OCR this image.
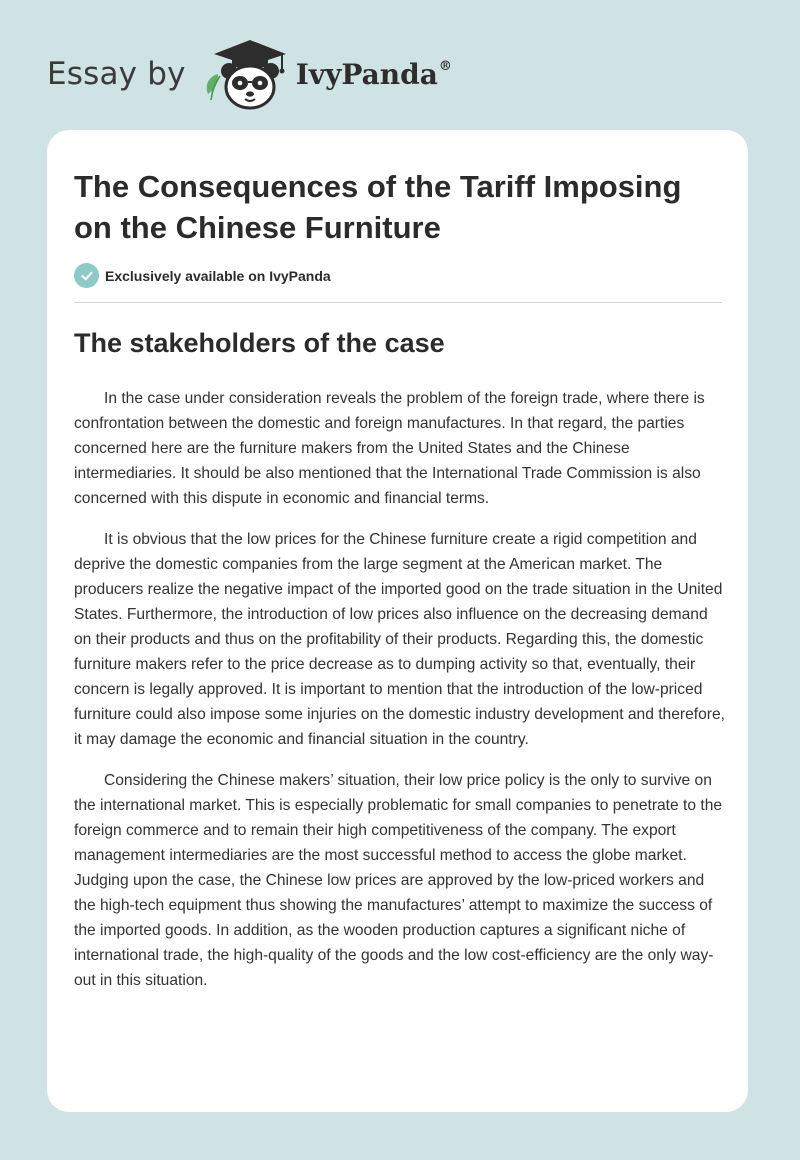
Essay by	IvyPanda®
The Consequences of the Tariff Imposing on the Chinese Furniture
Exclusively available on IvyPanda
The stakeholders of the case

In the case under consideration reveals the problem of the foreign trade, where there is confrontation between the domestic and foreign manufactures. In that regard, the parties concerned here are the furniture makers from the United States and the Chinese intermediaries. It should be also mentioned that the International Trade Commission is also concerned with this dispute in economic and financial terms.

It is obvious that the low prices for the Chinese furniture create a rigid competition and deprive the domestic companies from the large segment at the American market. The producers realize the negative impact of the imported good on the trade situation in the United States. Furthermore, the introduction of low prices also influence on the decreasing demand on their products and thus on the profitability of their products. Regarding this, the domestic furniture makers refer to the price decrease as to dumping activity so that, eventually, their concern is legally approved. It is important to mention that the introduction of the low-priced furniture could also impose some injuries on the domestic industry development and therefore, it may damage the economic and financial situation in the country.

Considering the Chinese makers’ situation, their low price policy is the only to survive on the international market. This is especially problematic for small companies to penetrate to the foreign commerce and to remain their high competitiveness of the company. The export management intermediaries are the most successful method to access the globe market. Judging upon the case, the Chinese low prices are approved by the low-priced workers and the high-tech equipment thus showing the manufactures’ attempt to maximize the success of the imported goods. In addition, as the wooden production captures a significant niche of international trade, the high-quality of the goods and the low cost-efficiency are the only way-out in this situation.
